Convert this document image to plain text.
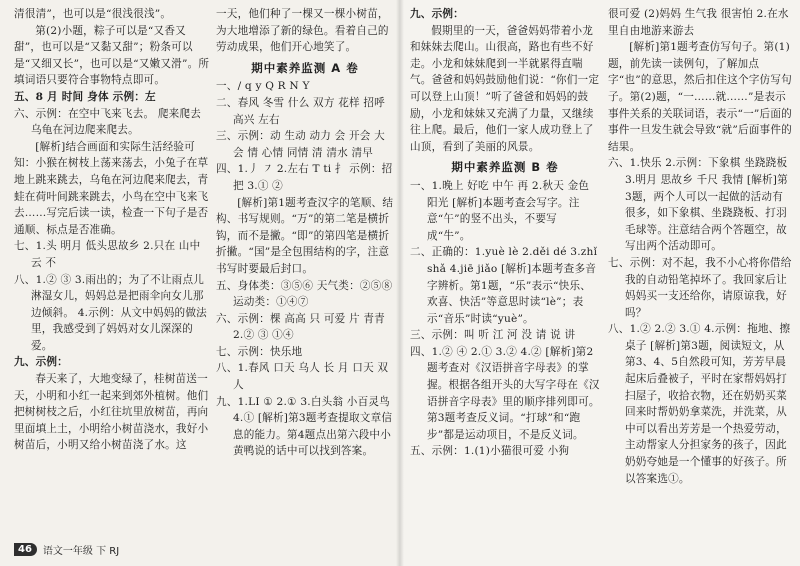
清很清”，也可以是“很浅很浅”。

第(2)小题，粽子可以是“又香又甜”，也可以是“又黏又甜”；粉条可以是“又细又长”，也可以是“又嫩又滑”。所填词语只要符合事物特点即可。

五、8 月 时间 身体 示例：左

六、示例：在空中飞来飞去。 爬来爬去 乌龟在河边爬来爬去。

[解析]结合画面和实际生活经验可知：小猴在树枝上荡来荡去，小兔子在草地上跳来跳去，乌龟在河边爬来爬去，青蛙在荷叶间跳来跳去，小鸟在空中飞来飞去……写完后读一读，检查一下句子是否通顺、标点是否准确。

七、1.头 明月 低头思故乡 2.只在 山中 云 不

八、1.② ③ 3.雨出的；为了不让雨点儿淋湿女儿，妈妈总是把雨伞向女儿那边倾斜。 4.示例：从文中妈妈的做法里，我感受到了妈妈对女儿深深的爱。

九、示例：

春天来了，大地变绿了，桂树苗送一天，小明和小红一起来到郊外植树。他们把树树枝之后，小红往坑里放树苗，再向里面填上土，小明给小树苗浇水，我好小树苗后，小明又给小树苗浇了水。这

一天，他们种了一棵又一棵小树苗，为大地增添了新的绿色。看着自己的劳动成果，他们开心地笑了。

期中素养监测 A 卷

一、/ q y Q R N Y

二、春风 冬雪 什么 双方 花样 招呼 高兴 左右

三、示例：动 生动 动力 会 开会 大会 情 心情 同情 清 清水 清早

四、1.丿 ㇇ 2.左右 T ti 扌 示例：招把 3.① ②

[解析]第1题考查汉字的笔顺、结构、书写规则。“万”的第二笔是横折钩，而不是撇。“即”的第四笔是横折折撇。“国”是全包围结构的字，注意书写时要最后封口。

五、身体类：③⑤⑥ 天气类：②⑤⑧ 运动类：①④⑦

六、示例：棵 高高 只 可爱 片 青青 2.② ③ ①④

七、示例：快乐地

八、1.春风 口天 乌人 长 月 口天 双人

九、1.LI ① 2.① 3.白头翁 小百灵鸟 4.① [解析]第3题考查提取文章信息的能力。第4题点出第六段中小黄鸭说的话中可以找到答案。

46	语文一年级 下 RJ

九、示例：

假期里的一天，爸爸妈妈带着小龙和妹妹去爬山。山很高，路也有些不好走。小龙和妹妹爬到一半就累得直喘气。爸爸和妈妈鼓励他们说：“你们一定可以登上山顶！”听了爸爸和妈妈的鼓励，小龙和妹妹又充满了力量，又继续往上爬。最后，他们一家人成功登上了山顶，看到了美丽的风景。

期中素养监测 B 卷

一、1.晚上 好吃 中午 再 2.秋天 金色 阳光 [解析]本题考查会写字。注意“午”的竖不出头，不要写成“牛”。

二、正确的：1.yuè lè 2.děi dé 3.zhǐ shǎ 4.jiē jiǎo [解析]本题考查多音字辨析。第1题，“乐”表示“快乐、欢喜、快活”等意思时读“lè”；表示“音乐”时读“yuè”。

三、示例：叫 听 江 河 没 请 说 讲

四、1.② ④ 2.① 3.② 4.② [解析]第2题考查对《汉语拼音字母表》的掌握。根据各组开头的大写字母在《汉语拼音字母表》里的顺序排列即可。第3题考查反义词。“打球”和“跑步”都是运动项目，不是反义词。

五、示例：1.(1)小猫很可爱 小狗

很可爱 (2)妈妈 生气我 很害怕 2.在水里自由地游来游去

[解析]第1题考查仿写句子。第(1)题，前先读一读例句，了解加点字“也”的意思，然后扣住这个字仿写句子。第(2)题，“一……就……”是表示事件关系的关联词语，表示“一”后面的事件一旦发生就会导致“就”后面事件的结果。

六、1.快乐 2.示例：下象棋 坐跷跷板 3.明月 思故乡 千尺 我情 [解析]第3题，两个人可以一起做的活动有很多，如下象棋、坐跷跷板、打羽毛球等。注意结合两个答题空，故写出两个活动即可。

七、示例：对不起，我不小心将你借给我的自动铅笔掉坏了。我回家后让妈妈买一支还给你，请原谅我，好吗？

八、1.② 2.② 3.① 4.示例：拖地、擦桌子 [解析]第3题，阅读短文，从第3、4、5自然段可知，芳芳早晨起床后叠被子，平时在家帮妈妈打扫屋子，收拾衣物，还在奶奶买菜回来时帮奶奶拿菜洗，并洗菜，从中可以看出芳芳是一个热爱劳动，主动帮家人分担家务的孩子，因此奶奶夸她是一个懂事的好孩子。所以答案选①。
